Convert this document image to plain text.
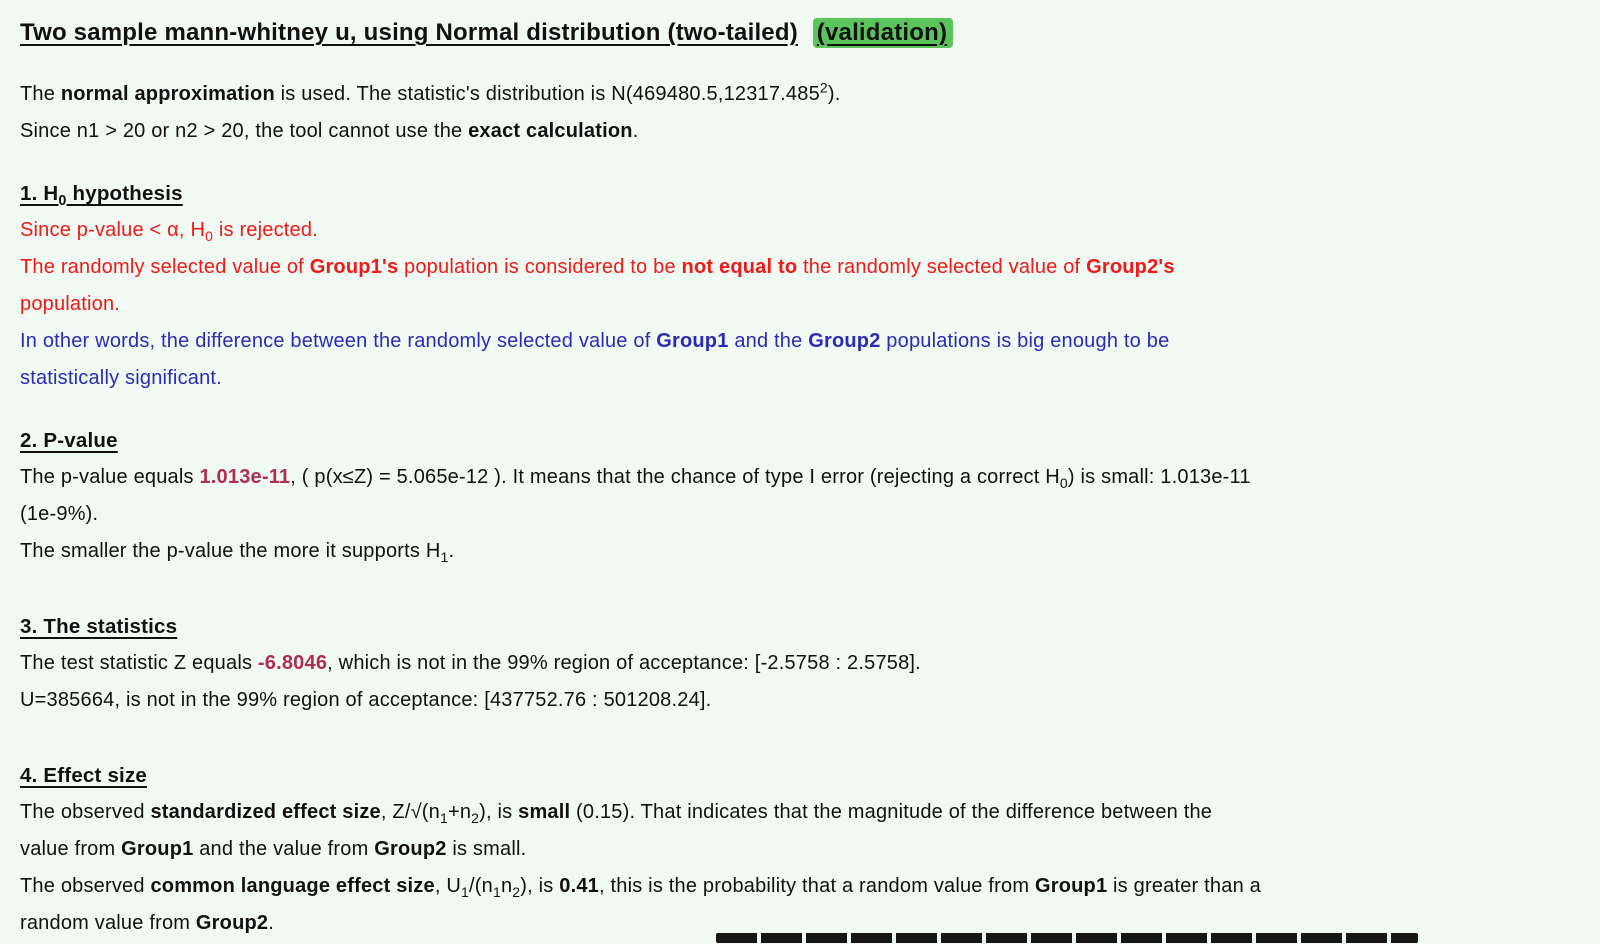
Two sample mann-whitney u, using Normal distribution (two-tailed) (validation)

The normal approximation is used. The statistic's distribution is N(469480.5,12317.485$^2$).

Since n1 > 20 or n2 > 20, the tool cannot use the exact calculation.

1. $H_0$ hypothesis

Since p-value < α, $H_0$ is rejected.

The randomly selected value of Group1's population is considered to be not equal to the randomly selected value of Group2's

population.

In other words, the difference between the randomly selected value of Group1 and the Group2 populations is big enough to be

statistically significant.

2. P-value

The p-value equals 1.013e-11, ( p(x≤Z) = 5.065e-12 ). It means that the chance of type I error (rejecting a correct $H_0$) is small: 1.013e-11

(1e-9%).

The smaller the p-value the more it supports $H_1$.

3. The statistics

The test statistic Z equals -6.8046, which is not in the 99% region of acceptance: [-2.5758 : 2.5758].

U=385664, is not in the 99% region of acceptance: [437752.76 : 501208.24].

4. Effect size

The observed standardized effect size, $Z/√(n_1+n_2)$, is small (0.15). That indicates that the magnitude of the difference between the

value from Group1 and the value from Group2 is small.

The observed common language effect size, $U_1/(n_1n_2)$, is 0.41, this is the probability that a random value from Group1 is greater than a

random value from Group2.
